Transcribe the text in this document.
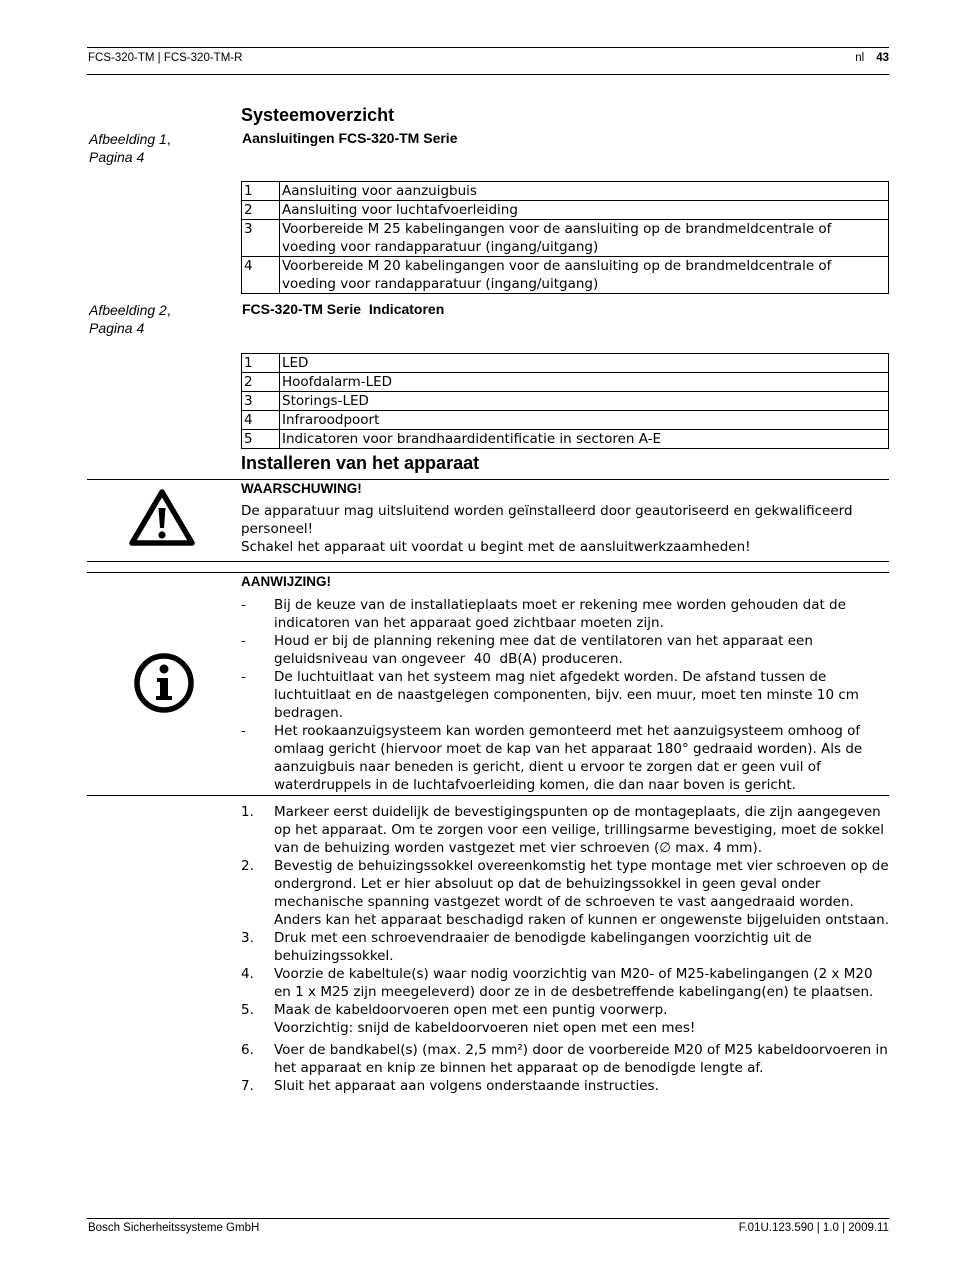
FCS-320-TM | FCS-320-TM-R	nl 43
Systeemoverzicht
Afbeelding 1,
Pagina 4
Aansluitingen FCS-320-TM Serie
1	Aansluiting voor aanzuigbuis
2	Aansluiting voor luchtafvoerleiding
3	Voorbereide M 25 kabelingangen voor de aansluiting op de brandmeldcentrale of voeding voor randapparatuur (ingang/uitgang)
4	Voorbereide M 20 kabelingangen voor de aansluiting op de brandmeldcentrale of voeding voor randapparatuur (ingang/uitgang)
Afbeelding 2,
Pagina 4
FCS-320-TM Serie  Indicatoren
1	LED
2	Hoofdalarm-LED
3	Storings-LED
4	Infraroodpoort
5	Indicatoren voor brandhaardidentificatie in sectoren A-E
Installeren van het apparaat
WAARSCHUWING!
De apparatuur mag uitsluitend worden geïnstalleerd door geautoriseerd en gekwalificeerd personeel!
Schakel het apparaat uit voordat u begint met de aansluitwerkzaamheden!
AANWIJZING!
- Bij de keuze van de installatieplaats moet er rekening mee worden gehouden dat de indicatoren van het apparaat goed zichtbaar moeten zijn.
- Houd er bij de planning rekening mee dat de ventilatoren van het apparaat een geluidsniveau van ongeveer  40  dB(A) produceren.
- De luchtuitlaat van het systeem mag niet afgedekt worden. De afstand tussen de luchtuitlaat en de naastgelegen componenten, bijv. een muur, moet ten minste 10 cm bedragen.
- Het rookaanzuigsysteem kan worden gemonteerd met het aanzuigsysteem omhoog of omlaag gericht (hiervoor moet de kap van het apparaat 180° gedraaid worden). Als de aanzuigbuis naar beneden is gericht, dient u ervoor te zorgen dat er geen vuil of waterdruppels in de luchtafvoerleiding komen, die dan naar boven is gericht.
1. Markeer eerst duidelijk de bevestigingspunten op de montageplaats, die zijn aangegeven op het apparaat. Om te zorgen voor een veilige, trillingsarme bevestiging, moet de sokkel van de behuizing worden vastgezet met vier schroeven (∅ max. 4 mm).
2. Bevestig de behuizingssokkel overeenkomstig het type montage met vier schroeven op de ondergrond. Let er hier absoluut op dat de behuizingssokkel in geen geval onder mechanische spanning vastgezet wordt of de schroeven te vast aangedraaid worden. Anders kan het apparaat beschadigd raken of kunnen er ongewenste bijgeluiden ontstaan.
3. Druk met een schroevendraaier de benodigde kabelingangen voorzichtig uit de behuizingssokkel.
4. Voorzie de kabeltule(s) waar nodig voorzichtig van M20- of M25-kabelingangen (2 x M20 en 1 x M25 zijn meegeleverd) door ze in de desbetreffende kabelingang(en) te plaatsen.
5. Maak de kabeldoorvoeren open met een puntig voorwerp.
Voorzichtig: snijd de kabeldoorvoeren niet open met een mes!
6. Voer de bandkabel(s) (max. 2,5 mm²) door de voorbereide M20 of M25 kabeldoorvoeren in het apparaat en knip ze binnen het apparaat op de benodigde lengte af.
7. Sluit het apparaat aan volgens onderstaande instructies.
Bosch Sicherheitssysteme GmbH	F.01U.123.590 | 1.0 | 2009.11
